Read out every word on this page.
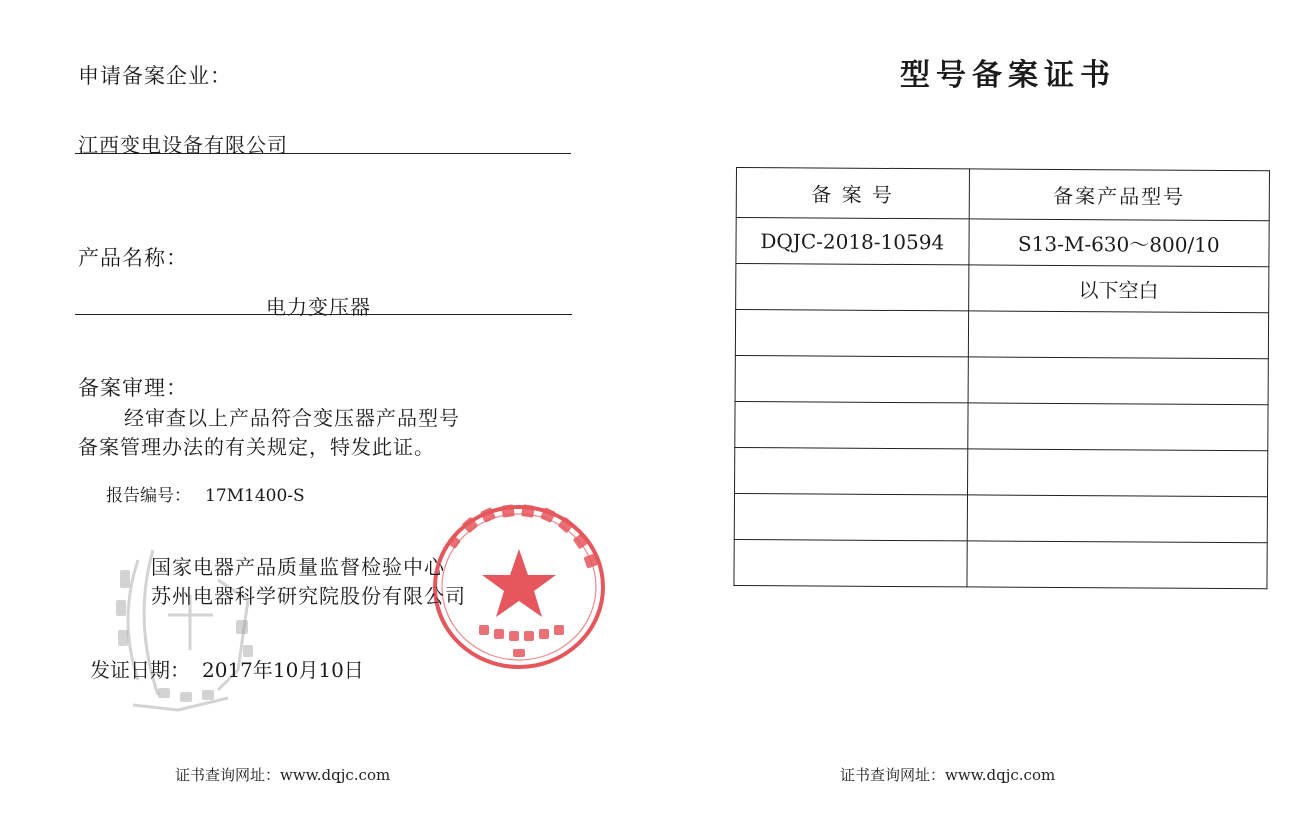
申请备案企业：
江西变电设备有限公司
产品名称：
电力变压器
备案审理：
经审查以上产品符合变压器产品型号
备案管理办法的有关规定，特发此证。
报告编号： 17M1400-S
国家电器产品质量监督检验中心
苏州电器科学研究院股份有限公司
发证日期： 2017年10月10日
证书查询网址：www.dqjc.com
型号备案证书
备 案 号	备案产品型号
DQJC-2018-10594	S13-M-630～800/10
	以下空白

证书查询网址：www.dqjc.com
